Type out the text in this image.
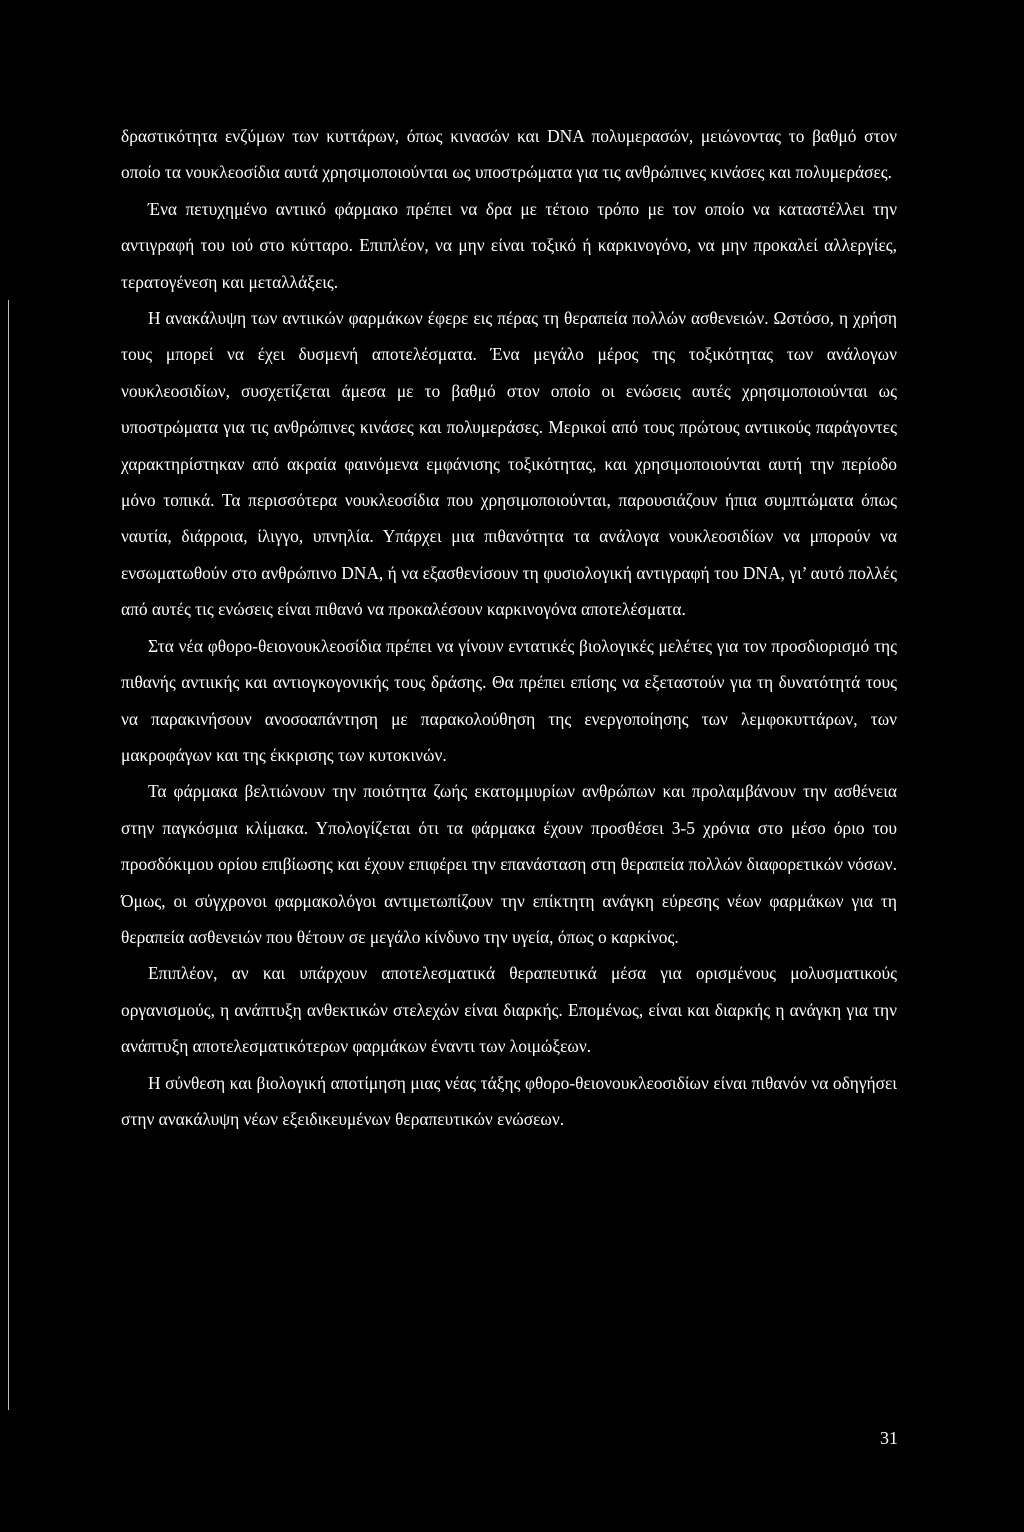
δραστικότητα ενζύμων των κυττάρων, όπως κινασών και DNA πολυμερασών, μειώνοντας το βαθμό στον οποίο τα νουκλεοσίδια αυτά χρησιμοποιούνται ως υποστρώματα για τις ανθρώπινες κινάσες και πολυμεράσες.

Ένα πετυχημένο αντιικό φάρμακο πρέπει να δρα με τέτοιο τρόπο με τον οποίο να καταστέλλει την αντιγραφή του ιού στο κύτταρο. Επιπλέον, να μην είναι τοξικό ή καρκινογόνο, να μην προκαλεί αλλεργίες, τερατογένεση και μεταλλάξεις.

Η ανακάλυψη των αντιικών φαρμάκων έφερε εις πέρας τη θεραπεία πολλών ασθενειών. Ωστόσο, η χρήση τους μπορεί να έχει δυσμενή αποτελέσματα. Ένα μεγάλο μέρος της τοξικότητας των ανάλογων νουκλεοσιδίων, συσχετίζεται άμεσα με το βαθμό στον οποίο οι ενώσεις αυτές χρησιμοποιούνται ως υποστρώματα για τις ανθρώπινες κινάσες και πολυμεράσες. Μερικοί από τους πρώτους αντιικούς παράγοντες χαρακτηρίστηκαν από ακραία φαινόμενα εμφάνισης τοξικότητας, και χρησιμοποιούνται αυτή την περίοδο μόνο τοπικά. Τα περισσότερα νουκλεοσίδια που χρησιμοποιούνται, παρουσιάζουν ήπια συμπτώματα όπως ναυτία, διάρροια, ίλιγγο, υπνηλία. Υπάρχει μια πιθανότητα τα ανάλογα νουκλεοσιδίων να μπορούν να ενσωματωθούν στο ανθρώπινο DNA, ή να εξασθενίσουν τη φυσιολογική αντιγραφή του DNA, γι’ αυτό πολλές από αυτές τις ενώσεις είναι πιθανό να προκαλέσουν καρκινογόνα αποτελέσματα.

Στα νέα φθορο-θειονουκλεοσίδια πρέπει να γίνουν εντατικές βιολογικές μελέτες για τον προσδιορισμό της πιθανής αντιικής και αντιογκογονικής τους δράσης. Θα πρέπει επίσης να εξεταστούν για τη δυνατότητά τους να παρακινήσουν ανοσοαπάντηση με παρακολούθηση της ενεργοποίησης των λεμφοκυττάρων, των μακροφάγων και της έκκρισης των κυτοκινών.

Τα φάρμακα βελτιώνουν την ποιότητα ζωής εκατομμυρίων ανθρώπων και προλαμβάνουν την ασθένεια στην παγκόσμια κλίμακα. Υπολογίζεται ότι τα φάρμακα έχουν προσθέσει 3-5 χρόνια στο μέσο όριο του προσδόκιμου ορίου επιβίωσης και έχουν επιφέρει την επανάσταση στη θεραπεία πολλών διαφορετικών νόσων. Όμως, οι σύγχρονοι φαρμακολόγοι αντιμετωπίζουν την επίκτητη ανάγκη εύρεσης νέων φαρμάκων για τη θεραπεία ασθενειών που θέτουν σε μεγάλο κίνδυνο την υγεία, όπως ο καρκίνος.

Επιπλέον, αν και υπάρχουν αποτελεσματικά θεραπευτικά μέσα για ορισμένους μολυσματικούς οργανισμούς, η ανάπτυξη ανθεκτικών στελεχών είναι διαρκής. Επομένως, είναι και διαρκής η ανάγκη για την ανάπτυξη αποτελεσματικότερων φαρμάκων έναντι των λοιμώξεων.

Η σύνθεση και βιολογική αποτίμηση μιας νέας τάξης φθορο-θειονουκλεοσιδίων είναι πιθανόν να οδηγήσει στην ανακάλυψη νέων εξειδικευμένων θεραπευτικών ενώσεων.

31
